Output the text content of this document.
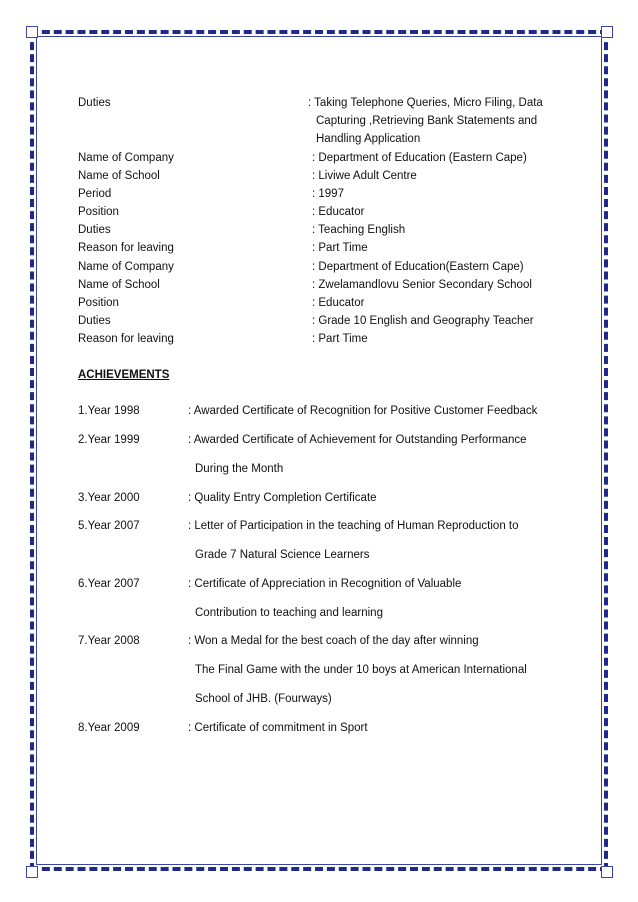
Duties	: Taking Telephone Queries, Micro Filing, Data
Capturing ,Retrieving Bank Statements and
Handling Application
Name of Company	: Department of Education (Eastern Cape)
Name of School	: Liviwe Adult Centre
Period	: 1997
Position	: Educator
Duties	: Teaching English
Reason for leaving	: Part Time
Name of Company	: Department of Education(Eastern Cape)
Name of School	: Zwelamandlovu Senior Secondary School
Position	: Educator
Duties	: Grade 10 English and Geography Teacher
Reason for leaving	: Part Time
ACHIEVEMENTS
1.Year 1998	: Awarded Certificate of Recognition for Positive Customer Feedback
2.Year 1999	: Awarded Certificate of Achievement for Outstanding Performance
During the Month
3.Year 2000	: Quality Entry Completion Certificate
5.Year 2007	: Letter of Participation in the teaching of Human Reproduction to
Grade 7 Natural Science Learners
6.Year 2007	: Certificate of Appreciation in Recognition of Valuable
Contribution to teaching and learning
7.Year 2008	: Won a Medal for the best coach of the day after winning
The Final Game with the under 10 boys at American International
School of JHB. (Fourways)
8.Year 2009	: Certificate of commitment in Sport
